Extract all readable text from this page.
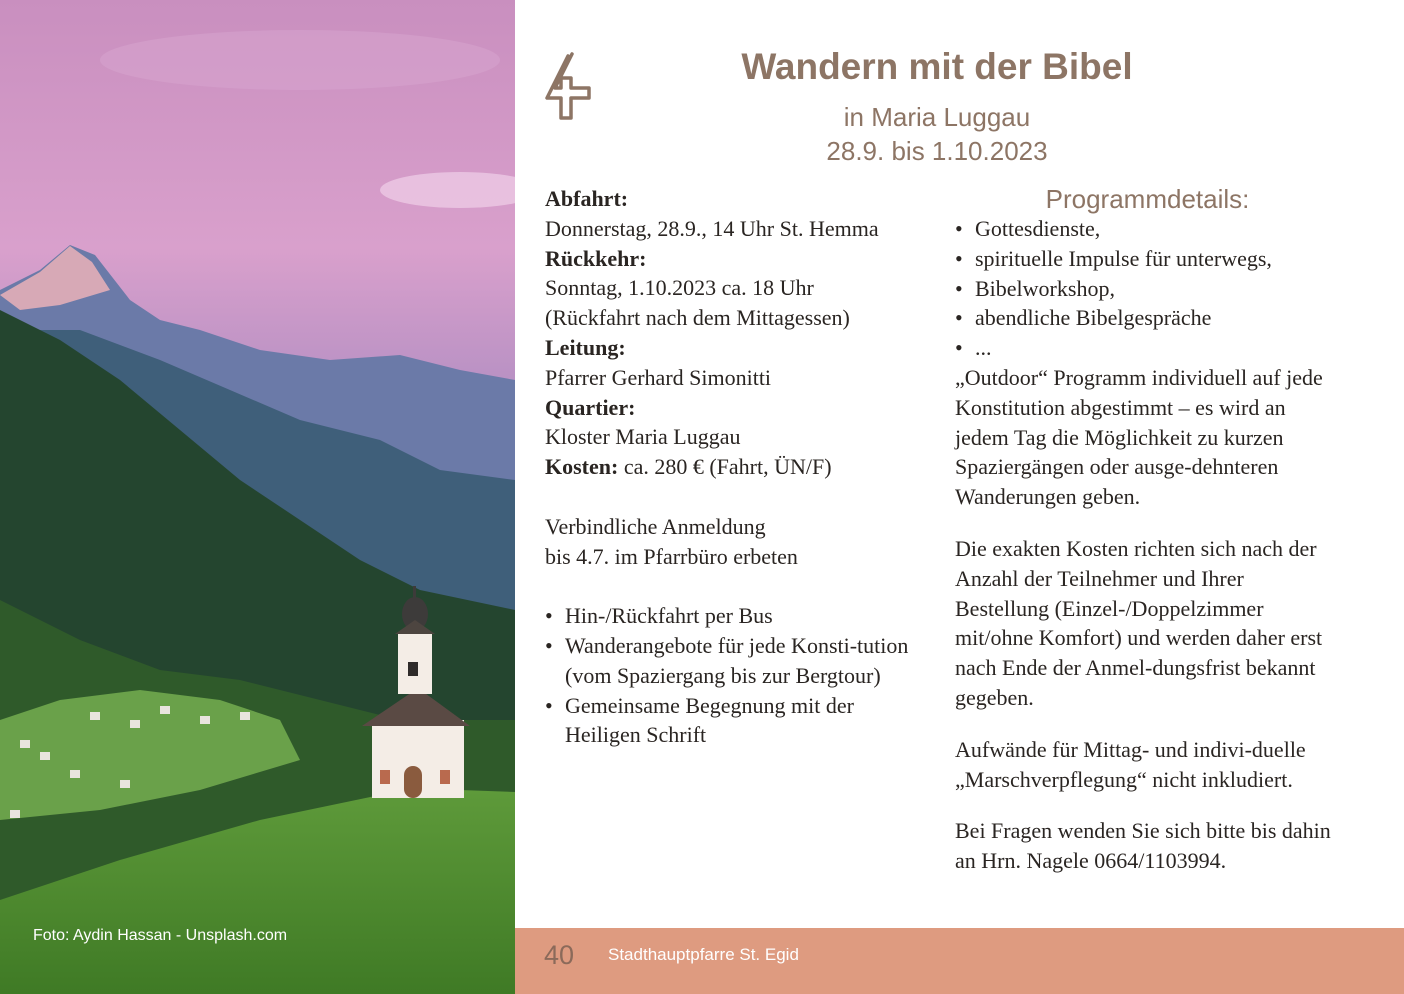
Foto: Aydin Hassan - Unsplash.com
Wandern mit der Bibel
in Maria Luggau
28.9. bis 1.10.2023

Abfahrt:

Donnerstag, 28.9., 14 Uhr St. Hemma

Rückkehr:

Sonntag, 1.10.2023 ca. 18 Uhr

(Rückfahrt nach dem Mittagessen)

Leitung:

Pfarrer Gerhard Simonitti

Quartier:

Kloster Maria Luggau

Kosten: ca. 280 € (Fahrt, ÜN/F)

Verbindliche Anmeldung

bis 4.7. im Pfarrbüro erbeten

• Hin-/Rückfahrt per Bus
• Wanderangebote für jede Konsti-tution (vom Spaziergang bis zur Bergtour)
• Gemeinsame Begegnung mit der Heiligen Schrift
Programmdetails:
• Gottesdienste,
• spirituelle Impulse für unterwegs,
• Bibelworkshop,
• abendliche Bibelgespräche
• ...

„Outdoor“ Programm individuell auf jede Konstitution abgestimmt – es wird an jedem Tag die Möglichkeit zu kurzen Spaziergängen oder ausge-dehnteren Wanderungen geben.

Die exakten Kosten richten sich nach der Anzahl der Teilnehmer und Ihrer Bestellung (Einzel-/Doppelzimmer mit/ohne Komfort) und werden daher erst nach Ende der Anmel-dungsfrist bekannt gegeben.

Aufwände für Mittag- und indivi-duelle „Marschverpflegung“ nicht inkludiert.

Bei Fragen wenden Sie sich bitte bis dahin an Hrn. Nagele 0664/1103994.

40 Stadthauptpfarre St. Egid
